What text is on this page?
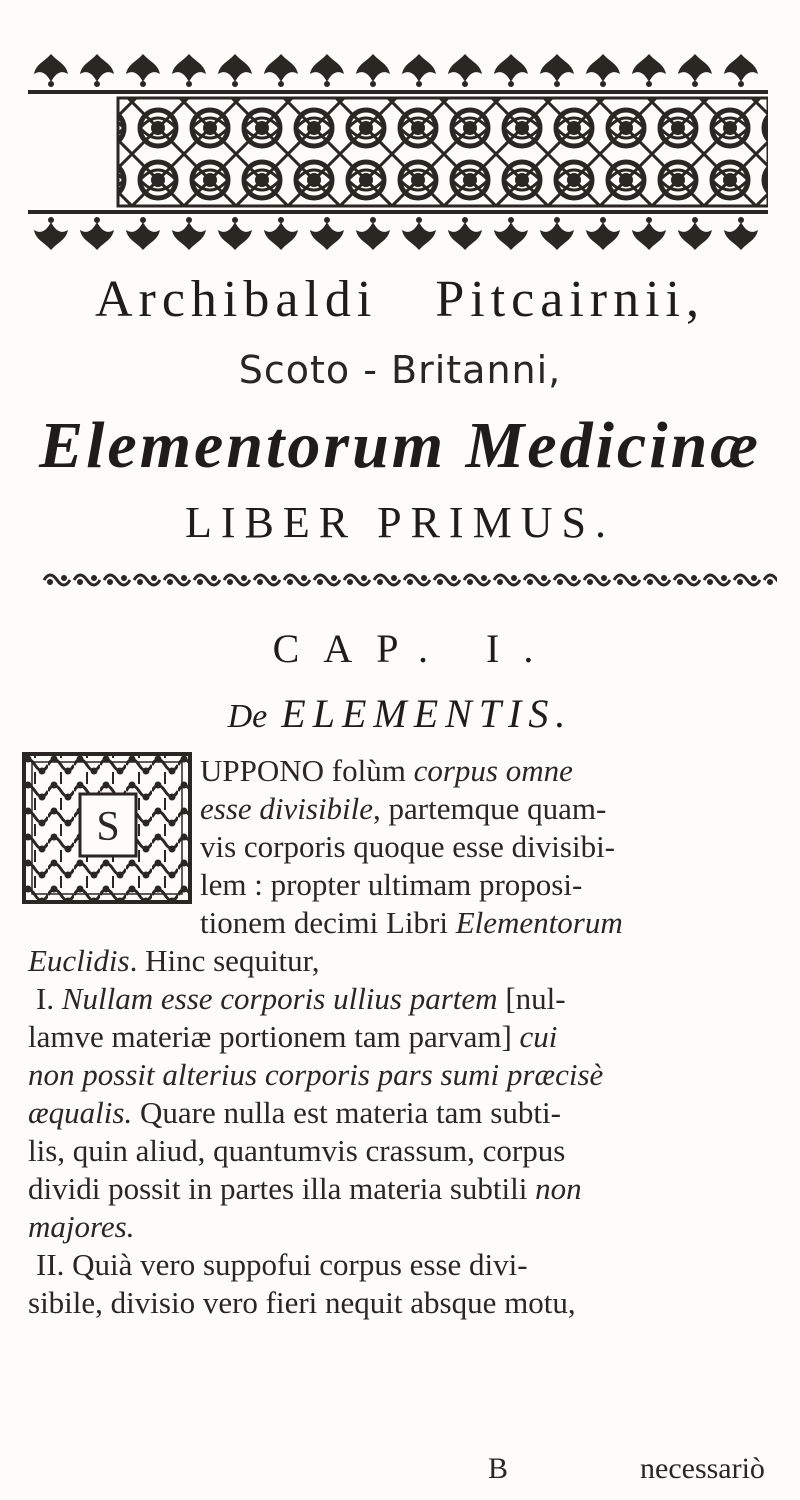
Archibaldi Pitcairnii,
Scoto - Britanni,
Elementorum Medicinæ
LIBER PRIMUS.
CAP. I.
De ELEMENTIS.
S
UPPONO folùm corpus omne
esse divisibile, partemque quam-
vis corporis quoque esse divisibi-
lem : propter ultimam proposi-
tionem decimi Libri Elementorum
Euclidis. Hinc sequitur,
I. Nullam esse corporis ullius partem [nul-
lamve materiæ portionem tam parvam] cui
non possit alterius corporis pars sumi præcisè
æqualis. Quare nulla est materia tam subti-
lis, quin aliud, quantumvis crassum, corpus
dividi possit in partes illa materia subtili non
majores.
II. Quià vero suppofui corpus esse divi-
sibile, divisio vero fieri nequit absque motu,
B	necessariò
